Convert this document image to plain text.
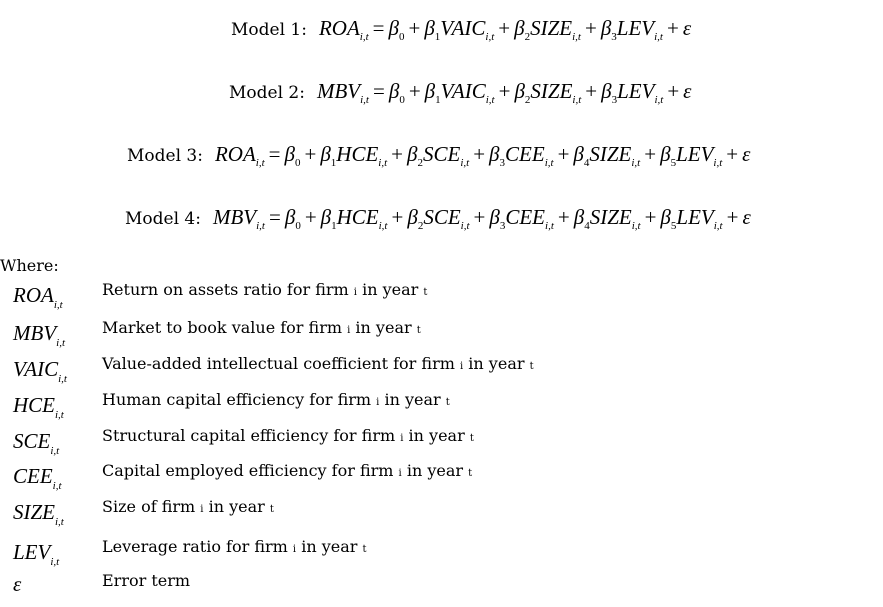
Model 1: $ROA_{i,t} = \beta_0$ + $\beta_1VAIC_{i,t}$ + $\beta_2SIZE_{i,t} + \beta_3LEV_{i,t} + \varepsilon$
Model 2: $MBV_{i,t} = \beta_0$ + $\beta_1VAIC_{i,t}$ + $\beta_2SIZE_{i,t} + \beta_3LEV_{i,t} + \varepsilon$
Model 3: $ROA_{i,t} = \beta_0 + \beta_1HCE_{i,t} + \beta_2SCE_{i,t} + \beta_3CEE_{i,t}$ + $\beta_4SIZE_{i,t} + \beta_5LEV_{i,t} + \varepsilon$
Model 4: $MBV_{i,t} = \beta_0 + \beta_1HCE_{i,t} + \beta_2SCE_{i,t} + \beta_3CEE_{i,t}$ + $\beta_4SIZE_{i,t} + \beta_5LEV_{i,t} + \varepsilon$
Where:
$ROA_{i,t}$
Return on assets ratio for firm i in year t
$MBV_{i,t}$
Market to book value for firm i in year t
$VAIC_{i,t}$
Value-added intellectual coefficient for firm i in year t
$HCE_{i,t}$
Human capital efficiency for firm i in year t
$SCE_{i,t}$
Structural capital efficiency for firm i in year t
$CEE_{i,t}$
Capital employed efficiency for firm i in year t
$SIZE_{i,t}$
Size of firm i in year t
$LEV_{i,t}$
Leverage ratio for firm i in year t
ε	Error term
